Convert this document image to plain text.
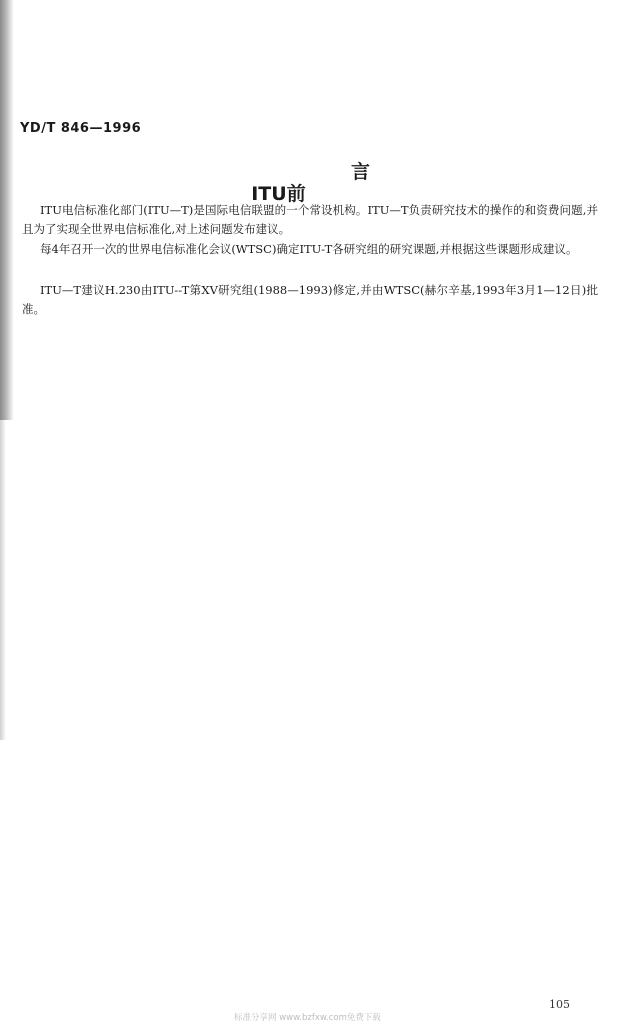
YD/T 846—1996

ITU前

言

ITU电信标准化部门(ITU—T)是国际电信联盟的一个常设机构。ITU—T负责研究技术的操作的和资费问题,并且为了实现全世界电信标准化,对上述问题发布建议。

每4年召开一次的世界电信标准化会议(WTSC)确定ITU-T各研究组的研究课题,并根据这些课题形成建议。

ITU—T建议H.230由ITU--T第XV研究组(1988—1993)修定,并由WTSC(赫尔辛基,1993年3月1—12日)批准。

105
标准分享网 www.bzfxw.com免费下载
